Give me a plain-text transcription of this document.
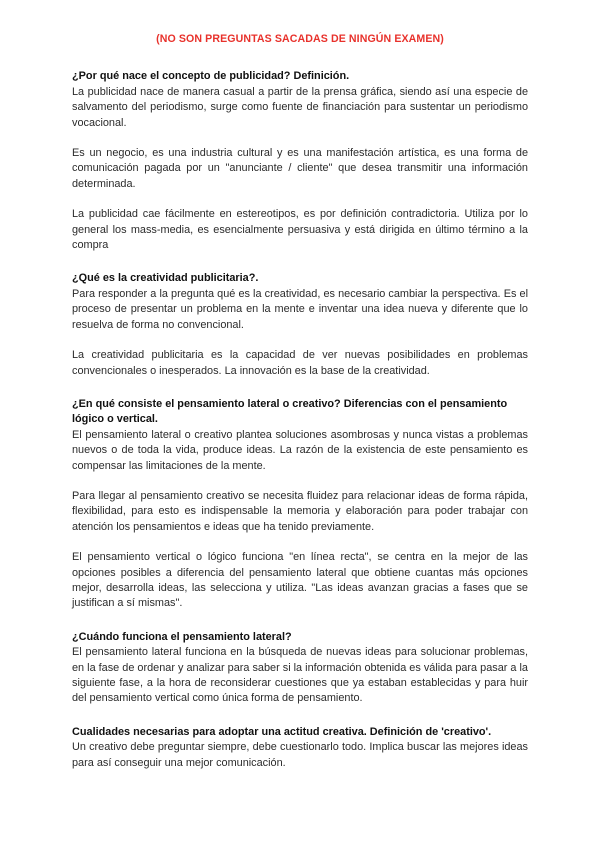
(NO SON PREGUNTAS SACADAS DE NINGÚN EXAMEN)

¿Por qué nace el concepto de publicidad? Definición.

La publicidad nace de manera casual a partir de la prensa gráfica, siendo así una especie de salvamento del periodismo, surge como fuente de financiación para sustentar un periodismo vocacional.

Es un negocio, es una industria cultural y es una manifestación artística, es una forma de comunicación pagada por un "anunciante / cliente" que desea transmitir una información determinada.

La publicidad cae fácilmente en estereotipos, es por definición contradictoria. Utiliza por lo general los mass-media, es esencialmente persuasiva y está dirigida en último término a la compra

¿Qué es la creatividad publicitaria?.

Para responder a la pregunta qué es la creatividad, es necesario cambiar la perspectiva. Es el proceso de presentar un problema en la mente e inventar una idea nueva y diferente que lo resuelva de forma no convencional.

La creatividad publicitaria es la capacidad de ver nuevas posibilidades en problemas convencionales o inesperados. La innovación es la base de la creatividad.

¿En qué consiste el pensamiento lateral o creativo? Diferencias con el pensamiento lógico o vertical.

El pensamiento lateral o creativo plantea soluciones asombrosas y nunca vistas a problemas nuevos o de toda la vida, produce ideas. La razón de la existencia de este pensamiento es compensar las limitaciones de la mente.

Para llegar al pensamiento creativo se necesita fluidez para relacionar ideas de forma rápida, flexibilidad, para esto es indispensable la memoria y elaboración para poder trabajar con atención los pensamientos e ideas que ha tenido previamente.

El pensamiento vertical o lógico funciona "en línea recta", se centra en la mejor de las opciones posibles a diferencia del pensamiento lateral que obtiene cuantas más opciones mejor, desarrolla ideas, las selecciona y utiliza. "Las ideas avanzan gracias a fases que se justifican a sí mismas".

¿Cuándo funciona el pensamiento lateral?

El pensamiento lateral funciona en la búsqueda de nuevas ideas para solucionar problemas, en la fase de ordenar y analizar para saber si la información obtenida es válida para pasar a la siguiente fase, a la hora de reconsiderar cuestiones que ya estaban establecidas y para huir del pensamiento vertical como única forma de pensamiento.

Cualidades necesarias para adoptar una actitud creativa. Definición de 'creativo'.

Un creativo debe preguntar siempre, debe cuestionarlo todo. Implica buscar las mejores ideas para así conseguir una mejor comunicación.
